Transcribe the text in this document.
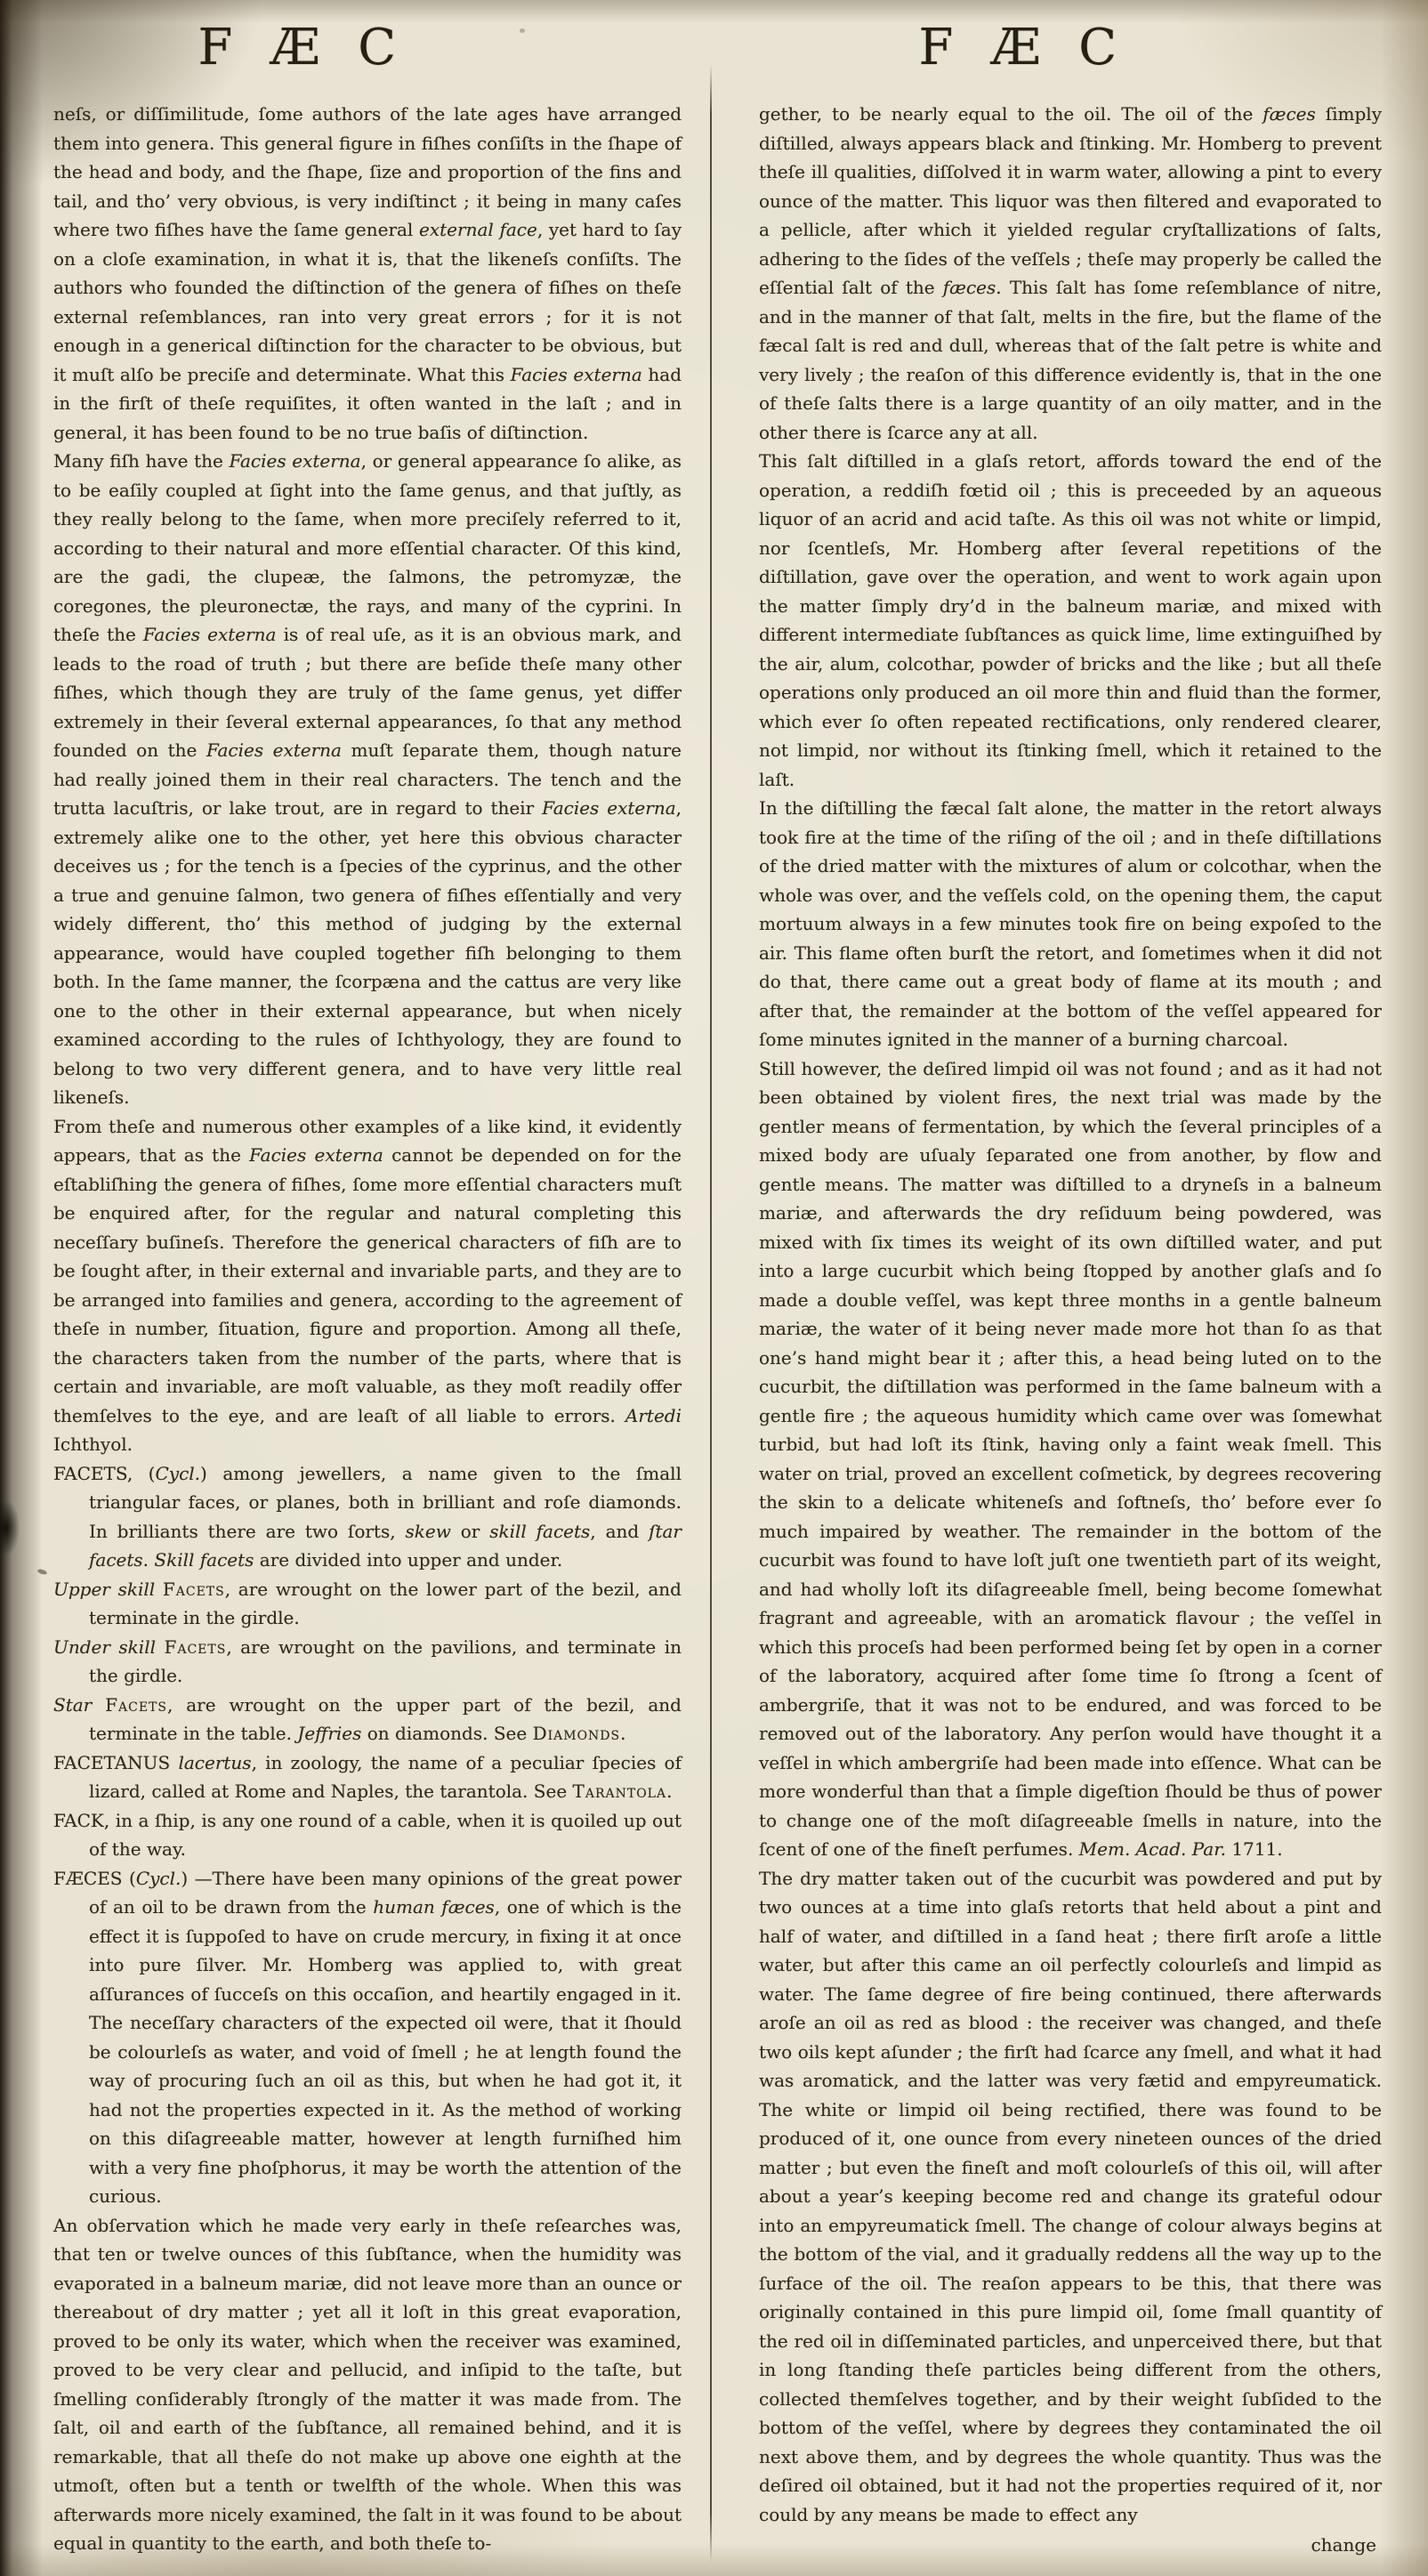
F Æ C	F Æ C

neſs, or diſſimilitude, ſome authors of the late ages have arranged them into genera. This general figure in fiſhes conſiſts in the ſhape of the head and body, and the ſhape, ſize and proportion of the fins and tail, and tho’ very obvious, is very indiſtinct ; it being in many caſes where two fiſhes have the ſame general external face, yet hard to ſay on a cloſe examination, in what it is, that the likeneſs conſiſts. The authors who founded the diſtinction of the genera of fiſhes on theſe external reſemblances, ran into very great errors ; for it is not enough in a generical diſtinction for the character to be obvious, but it muſt alſo be preciſe and determinate. What this Facies externa had in the firſt of theſe requiſites, it often wanted in the laſt ; and in general, it has been found to be no true baſis of diſtinction.

Many fiſh have the Facies externa, or general appearance ſo alike, as to be eaſily coupled at ſight into the ſame genus, and that juſtly, as they really belong to the ſame, when more preciſely referred to it, according to their natural and more eſſential character. Of this kind, are the gadi, the clupeæ, the ſalmons, the petromyzæ, the coregones, the pleuronectæ, the rays, and many of the cyprini. In theſe the Facies externa is of real uſe, as it is an obvious mark, and leads to the road of truth ; but there are beſide theſe many other fiſhes, which though they are truly of the ſame genus, yet differ extremely in their ſeveral external appearances, ſo that any method founded on the Facies externa muſt ſeparate them, though nature had really joined them in their real characters. The tench and the trutta lacuſtris, or lake trout, are in regard to their Facies externa, extremely alike one to the other, yet here this obvious character deceives us ; for the tench is a ſpecies of the cyprinus, and the other a true and genuine ſalmon, two genera of fiſhes eſſentially and very widely different, tho’ this method of judging by the external appearance, would have coupled together fiſh belonging to them both. In the ſame manner, the ſcorpæna and the cattus are very like one to the other in their external appearance, but when nicely examined according to the rules of Ichthyology, they are found to belong to two very different genera, and to have very little real likeneſs.

From theſe and numerous other examples of a like kind, it evidently appears, that as the Facies externa cannot be depended on for the eſtabliſhing the genera of fiſhes, ſome more eſſential characters muſt be enquired after, for the regular and natural completing this neceſſary buſineſs. Therefore the generical characters of fiſh are to be ſought after, in their external and invariable parts, and they are to be arranged into families and genera, according to the agreement of theſe in number, ſituation, figure and proportion. Among all theſe, the characters taken from the number of the parts, where that is certain and invariable, are moſt valuable, as they moſt readily offer themſelves to the eye, and are leaſt of all liable to errors. Artedi Ichthyol.

FACETS, (Cycl.) among jewellers, a name given to the ſmall triangular faces, or planes, both in brilliant and roſe diamonds. In brilliants there are two ſorts, skew or skill facets, and ſtar facets. Skill facets are divided into upper and under.

Upper skill Facets, are wrought on the lower part of the bezil, and terminate in the girdle.

Under skill Facets, are wrought on the pavilions, and terminate in the girdle.

Star Facets, are wrought on the upper part of the bezil, and terminate in the table. Jeffries on diamonds. See Diamonds.

FACETANUS lacertus, in zoology, the name of a peculiar ſpecies of lizard, called at Rome and Naples, the tarantola. See Tarantola.

FACK, in a ſhip, is any one round of a cable, when it is quoiled up out of the way.

FÆCES (Cycl.) —There have been many opinions of the great power of an oil to be drawn from the human fæces, one of which is the effect it is ſuppoſed to have on crude mercury, in fixing it at once into pure ſilver. Mr. Homberg was applied to, with great aſſurances of ſucceſs on this occaſion, and heartily engaged in it. The neceſſary characters of the expected oil were, that it ſhould be colourleſs as water, and void of ſmell ; he at length found the way of procuring ſuch an oil as this, but when he had got it, it had not the properties expected in it. As the method of working on this diſagreeable matter, however at length furniſhed him with a very fine phoſphorus, it may be worth the attention of the curious.

An obſervation which he made very early in theſe reſearches was, that ten or twelve ounces of this ſubſtance, when the humidity was evaporated in a balneum mariæ, did not leave more than an ounce or thereabout of dry matter ; yet all it loſt in this great evaporation, proved to be only its water, which when the receiver was examined, proved to be very clear and pellucid, and inſipid to the taſte, but ſmelling conſiderably ſtrongly of the matter it was made from. The ſalt, oil and earth of the ſubſtance, all remained behind, and it is remarkable, that all theſe do not make up above one eighth at the utmoſt, often but a tenth or twelfth of the whole. When this was afterwards more nicely examined, the ſalt in it was found to be about equal in quantity to the earth, and both theſe to-

gether, to be nearly equal to the oil. The oil of the fæces ſimply diſtilled, always appears black and ſtinking. Mr. Homberg to prevent theſe ill qualities, diſſolved it in warm water, allowing a pint to every ounce of the matter. This liquor was then filtered and evaporated to a pellicle, after which it yielded regular cryſtallizations of ſalts, adhering to the ſides of the veſſels ; theſe may properly be called the eſſential ſalt of the fæces. This ſalt has ſome reſemblance of nitre, and in the manner of that ſalt, melts in the fire, but the flame of the fæcal ſalt is red and dull, whereas that of the ſalt petre is white and very lively ; the reaſon of this difference evidently is, that in the one of theſe ſalts there is a large quantity of an oily matter, and in the other there is ſcarce any at all.

This ſalt diſtilled in a glaſs retort, affords toward the end of the operation, a reddiſh fœtid oil ; this is preceeded by an aqueous liquor of an acrid and acid taſte. As this oil was not white or limpid, nor ſcentleſs, Mr. Homberg after ſeveral repetitions of the diſtillation, gave over the operation, and went to work again upon the matter ſimply dry’d in the balneum mariæ, and mixed with different intermediate ſubſtances as quick lime, lime extinguiſhed by the air, alum, colcothar, powder of bricks and the like ; but all theſe operations only produced an oil more thin and fluid than the former, which ever ſo often repeated rectifications, only rendered clearer, not limpid, nor without its ſtinking ſmell, which it retained to the laſt.

In the diſtilling the fæcal ſalt alone, the matter in the retort always took fire at the time of the riſing of the oil ; and in theſe diſtillations of the dried matter with the mixtures of alum or colcothar, when the whole was over, and the veſſels cold, on the opening them, the caput mortuum always in a few minutes took fire on being expoſed to the air. This flame often burſt the retort, and ſometimes when it did not do that, there came out a great body of flame at its mouth ; and after that, the remainder at the bottom of the veſſel appeared for ſome minutes ignited in the manner of a burning charcoal.

Still however, the deſired limpid oil was not found ; and as it had not been obtained by violent fires, the next trial was made by the gentler means of fermentation, by which the ſeveral principles of a mixed body are uſualy ſeparated one from another, by flow and gentle means. The matter was diſtilled to a dryneſs in a balneum mariæ, and afterwards the dry reſiduum being powdered, was mixed with ſix times its weight of its own diſtilled water, and put into a large cucurbit which being ſtopped by another glaſs and ſo made a double veſſel, was kept three months in a gentle balneum mariæ, the water of it being never made more hot than ſo as that one’s hand might bear it ; after this, a head being luted on to the cucurbit, the diſtillation was performed in the ſame balneum with a gentle fire ; the aqueous humidity which came over was ſomewhat turbid, but had loſt its ſtink, having only a faint weak ſmell. This water on trial, proved an excellent coſmetick, by degrees recovering the skin to a delicate whiteneſs and ſoftneſs, tho’ before ever ſo much impaired by weather. The remainder in the bottom of the cucurbit was found to have loſt juſt one twentieth part of its weight, and had wholly loſt its diſagreeable ſmell, being become ſomewhat fragrant and agreeable, with an aromatick flavour ; the veſſel in which this proceſs had been performed being ſet by open in a corner of the laboratory, acquired after ſome time ſo ſtrong a ſcent of ambergriſe, that it was not to be endured, and was forced to be removed out of the laboratory. Any perſon would have thought it a veſſel in which ambergriſe had been made into eſſence. What can be more wonderful than that a ſimple digeſtion ſhould be thus of power to change one of the moſt diſagreeable ſmells in nature, into the ſcent of one of the fineſt perfumes. Mem. Acad. Par. 1711.

The dry matter taken out of the cucurbit was powdered and put by two ounces at a time into glaſs retorts that held about a pint and half of water, and diſtilled in a ſand heat ; there firſt aroſe a little water, but after this came an oil perfectly colourleſs and limpid as water. The ſame degree of fire being continued, there afterwards aroſe an oil as red as blood : the receiver was changed, and theſe two oils kept aſunder ; the firſt had ſcarce any ſmell, and what it had was aromatick, and the latter was very fætid and empyreumatick. The white or limpid oil being rectified, there was found to be produced of it, one ounce from every nineteen ounces of the dried matter ; but even the fineſt and moſt colourleſs of this oil, will after about a year’s keeping become red and change its grateful odour into an empyreumatick ſmell. The change of colour always begins at the bottom of the vial, and it gradually reddens all the way up to the ſurface of the oil. The reaſon appears to be this, that there was originally contained in this pure limpid oil, ſome ſmall quantity of the red oil in diſſeminated particles, and unperceived there, but that in long ſtanding theſe particles being different from the others, collected themſelves together, and by their weight ſubſided to the bottom of the veſſel, where by degrees they contaminated the oil next above them, and by degrees the whole quantity. Thus was the deſired oil obtained, but it had not the properties required of it, nor could by any means be made to effect any

change
